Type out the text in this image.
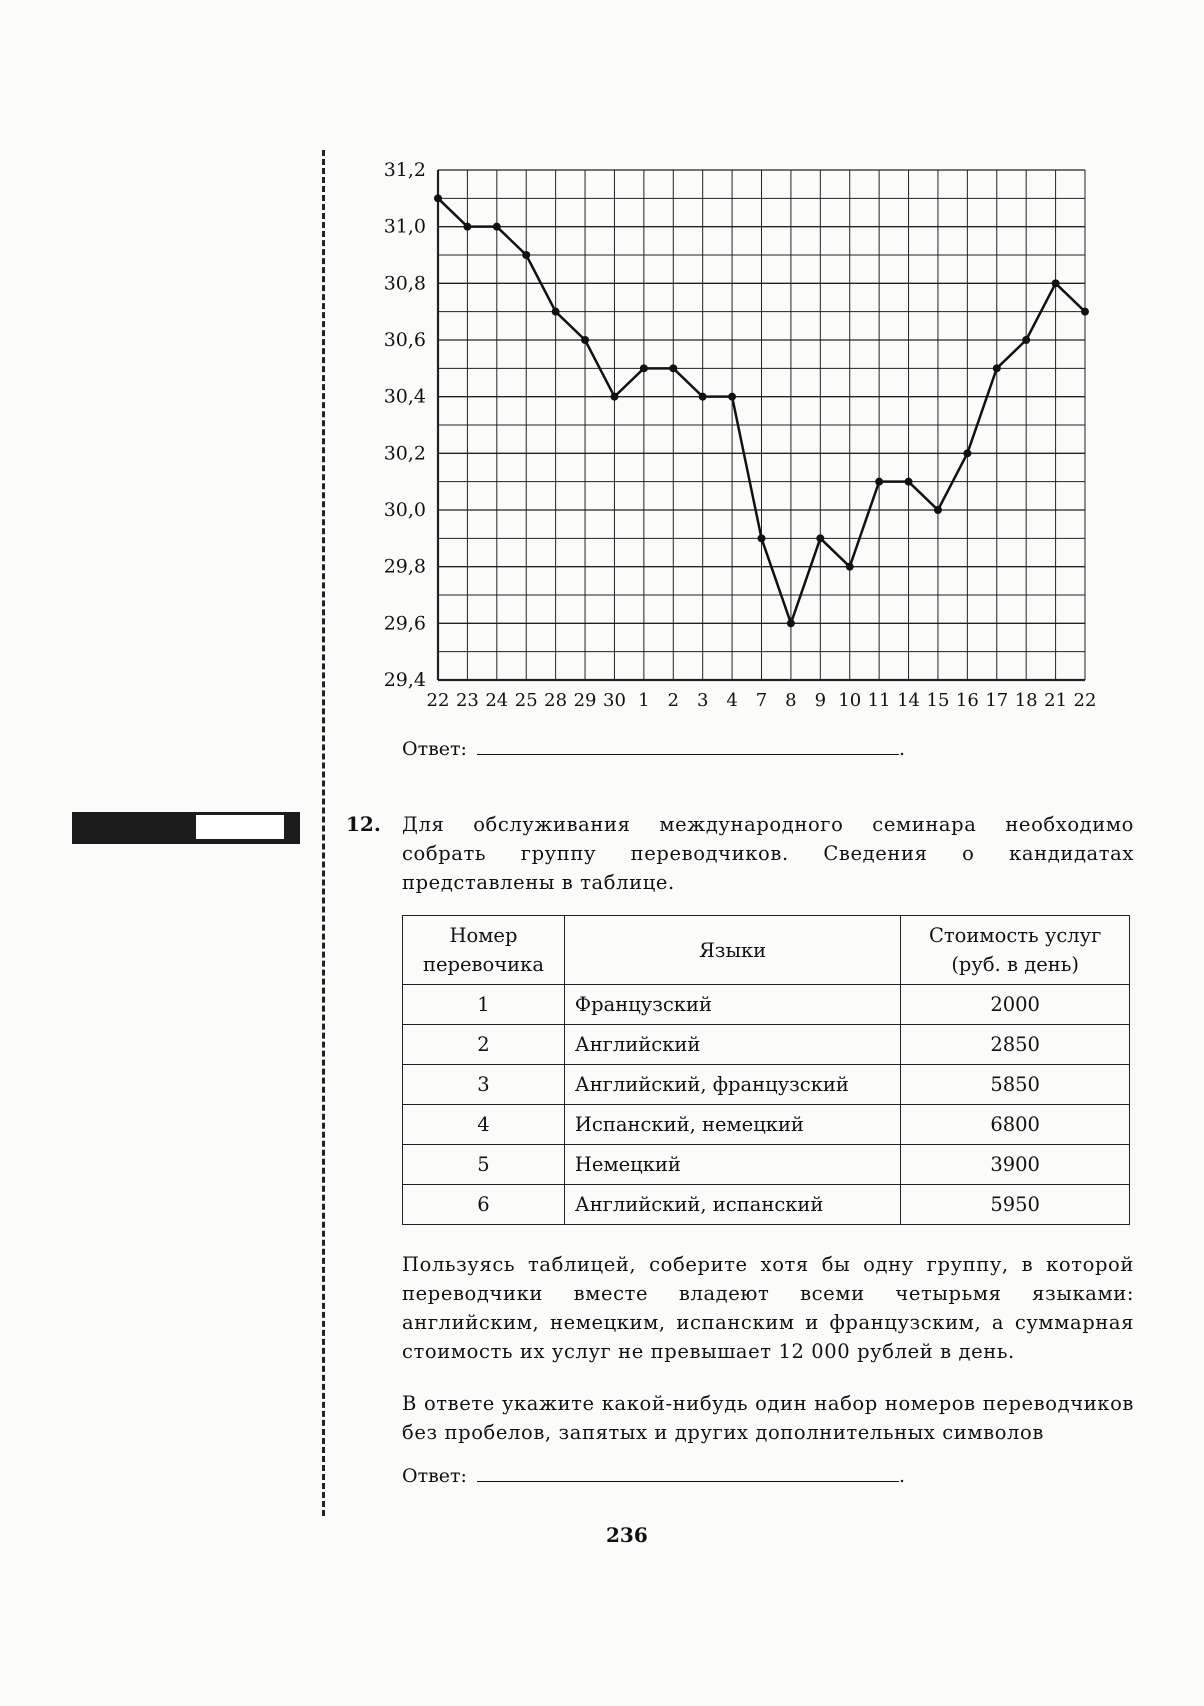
31,2
31,0
30,8
30,6
30,4
30,2
30,0
29,8
29,6
29,4
22 23 24 25 28 29 30 1 2 3 4 7 8 9 10 11 14 15 16 17 18 21 22
Ответ:	.
12. Для обслуживания международного семинара необходимо собрать группу переводчиков. Сведения о кандидатах представлены в таблице.
Номер перевочика	Языки	Стоимость услуг (руб. в день)
1	Французский	2000
2	Английский	2850
3	Английский, французский	5850
4	Испанский, немецкий	6800
5	Немецкий	3900
6	Английский, испанский	5950
Пользуясь таблицей, соберите хотя бы одну группу, в которой переводчики вместе владеют всеми четырьмя языками: английским, немецким, испанским и французским, а суммарная стоимость их услуг не превышает 12 000 рублей в день.
В ответе укажите какой-нибудь один набор номеров переводчиков без пробелов, запятых и других дополнительных символов
Ответ:	.
236
